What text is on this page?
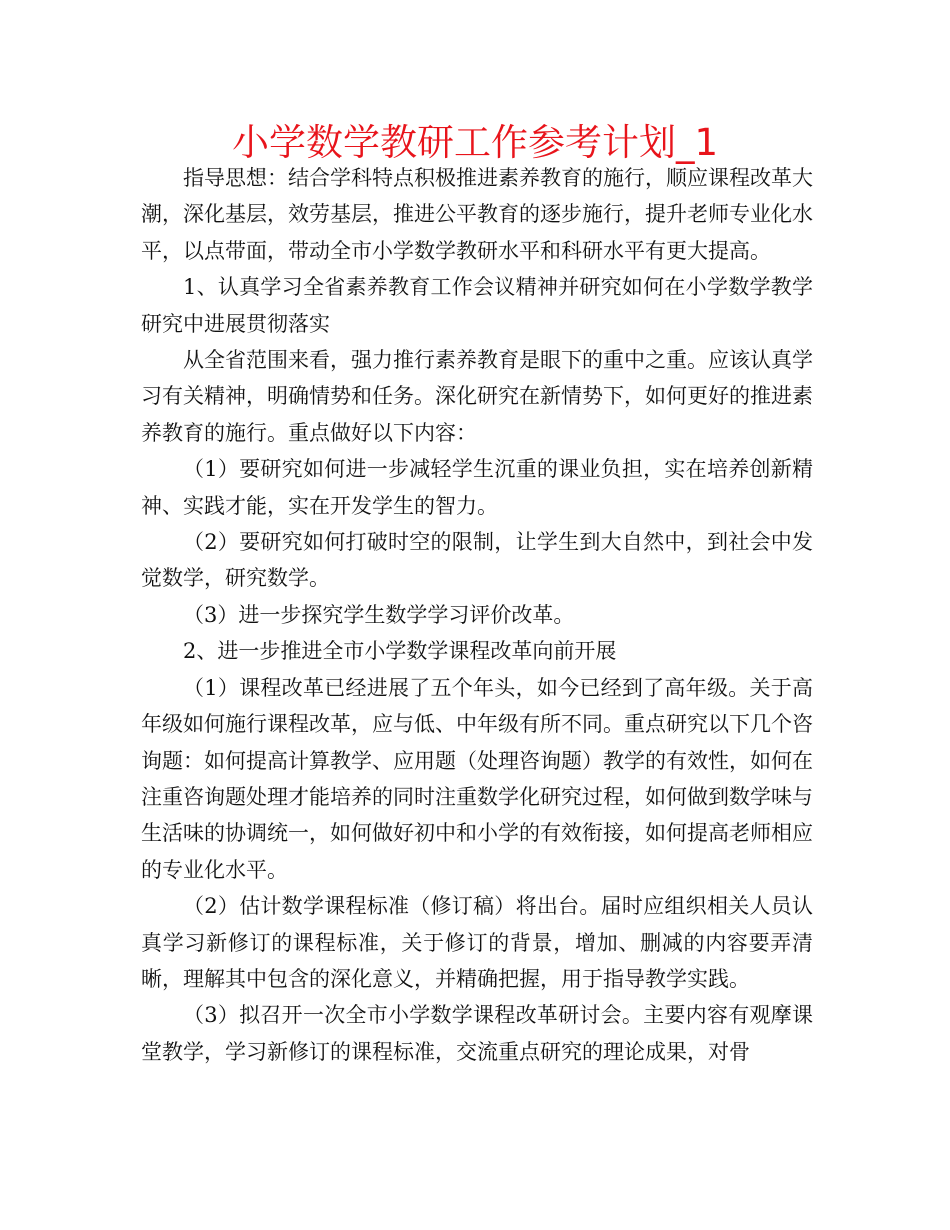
小学数学教研工作参考计划_1

指导思想：结合学科特点积极推进素养教育的施行，顺应课程改革大潮，深化基层，效劳基层，推进公平教育的逐步施行，提升老师专业化水平，以点带面，带动全市小学数学教研水平和科研水平有更大提高。

1、认真学习全省素养教育工作会议精神并研究如何在小学数学教学研究中进展贯彻落实

从全省范围来看，强力推行素养教育是眼下的重中之重。应该认真学习有关精神，明确情势和任务。深化研究在新情势下，如何更好的推进素养教育的施行。重点做好以下内容：

（1）要研究如何进一步减轻学生沉重的课业负担，实在培养创新精神、实践才能，实在开发学生的智力。

（2）要研究如何打破时空的限制，让学生到大自然中，到社会中发觉数学，研究数学。

（3）进一步探究学生数学学习评价改革。

2、进一步推进全市小学数学课程改革向前开展

（1）课程改革已经进展了五个年头，如今已经到了高年级。关于高年级如何施行课程改革，应与低、中年级有所不同。重点研究以下几个咨询题：如何提高计算教学、应用题（处理咨询题）教学的有效性，如何在注重咨询题处理才能培养的同时注重数学化研究过程，如何做到数学味与生活味的协调统一，如何做好初中和小学的有效衔接，如何提高老师相应的专业化水平。

（2）估计数学课程标准（修订稿）将出台。届时应组织相关人员认真学习新修订的课程标准，关于修订的背景，增加、删减的内容要弄清晰，理解其中包含的深化意义，并精确把握，用于指导教学实践。

（3）拟召开一次全市小学数学课程改革研讨会。主要内容有观摩课堂教学，学习新修订的课程标准，交流重点研究的理论成果，对骨
